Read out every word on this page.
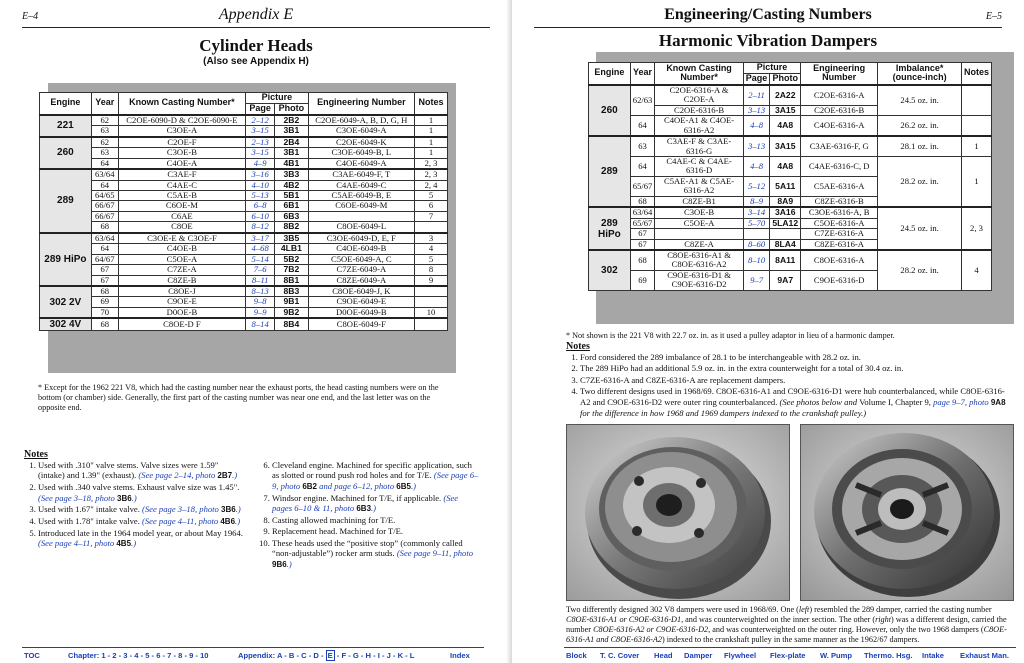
E–4	Appendix E
Cylinder Heads
(Also see Appendix H)
Engine	Year	Known Casting Number*	Picture		Engineering Number	Notes
			Page	Photo		
221	62	C2OE-6090-D & C2OE-6090-E	2–12	2B2	C2OE-6049-A, B, D, G, H	1
	63	C3OE-A	3–15	3B1	C3OE-6049-A	1
260	62	C2OE-F	2–13	2B4	C2OE-6049-K	1
	63	C3OE-B	3–15	3B1	C3OE-6049-B, L	1
	64	C4OE-A	4–9	4B1	C4OE-6049-A	2, 3
289	63/64	C3AE-F	3–16	3B3	C3AE-6049-F, T	2, 3
	64	C4AE-C	4–10	4B2	C4AE-6049-C	2, 4
	64/65	C5AE-B	5–13	5B1	C5AE-6049-B, E	5
	66/67	C6OE-M	6–8	6B1	C6OE-6049-M	6
	66/67	C6AE	6–10	6B3		7
	68	C8OE	8–12	8B2	C8OE-6049-L	
289 HiPo	63/64	C3OE-E & C3OE-F	3–17	3B5	C3OE-6049-D, E, F	3
	64	C4OE-B	4–68	4LB1	C4OE-6049-B	4
	64/67	C5OE-A	5–14	5B2	C5OE-6049-A, C	5
	67	C7ZE-A	7–6	7B2	C7ZE-6049-A	8
	67	C8ZE-B	8–11	8B1	C8ZE-6049-A	9
302 2V	68	C8OE-J	8–13	8B3	C8OE-6049-J, K	
	69	C9OE-E	9–8	9B1	C9OE-6049-E	
	70	D0OE-B	9–9	9B2	D0OE-6049-B	10
302 4V	68	C8OE-D F	8–14	8B4	C8OE-6049-F	
* Except for the 1962 221 V8, which had the casting number near the exhaust ports, the head casting numbers were on the bottom (or chamber) side. Generally, the first part of the casting number was near one end, and the last letter was on the opposite end.
Notes
1. Used with .310" valve stems. Valve sizes were 1.59" (intake) and 1.39" (exhaust). (See page 2–14, photo 2B7.)
2. Used with .340 valve stems. Exhaust valve size was 1.45". (See page 3–18, photo 3B6.)
3. Used with 1.67" intake valve. (See page 3–18, photo 3B6.)
4. Used with 1.78" intake valve. (See page 4–11, photo 4B6.)
5. Introduced late in the 1964 model year, or about May 1964. (See page 4–11, photo 4B5.)
6. Cleveland engine. Machined for specific application, such as slotted or round push rod holes and for T/E. (See page 6–9, photo 6B2 and page 6–12, photo 6B5.)
7. Windsor engine. Machined for T/E, if applicable. (See pages 6–10 & 11, photo 6B3.)
8. Casting allowed machining for T/E.
9. Replacement head. Machined for T/E.
10. These heads used the “positive stop” (commonly called “non-adjustable”) rocker arm studs. (See page 9–11, photo 9B6.)
TOC	Chapter: 1 - 2 - 3 - 4 - 5 - 6 - 7 - 8 - 9 - 10	Appendix: A - B - C - D - E - F - G - H - I - J - K - L	Index
Engineering/Casting Numbers	E–5
Harmonic Vibration Dampers
Engine	Year	Known Casting Number*	Picture		Engineering Number	Imbalance* (ounce-inch)	Notes
			Page	Photo			
260	62/63	C2OE-6316-A & C2OE-A	2–11	2A22	C2OE-6316-A	24.5 oz. in.	
		C2OE-6316-B	3–13	3A15	C2OE-6316-B		
	64	C4OE-A1 & C4OE-6316-A2	4–8	4A8	C4OE-6316-A	26.2 oz. in.	
289	63	C3AE-F & C3AE-6316-G	3–13	3A15	C3AE-6316-F, G	28.1 oz. in.	1
	64	C4AE-C & C4AE-6316-D	4–8	4A8	C4AE-6316-C, D	28.2 oz. in.	1
	65/67	C5AE-A1 & C5AE-6316-A2	5–12	5A11	C5AE-6316-A		
	68	C8ZE-B1	8–9	8A9	C8ZE-6316-B		
289 HiPo	63/64	C3OE-B	3–14	3A16	C3OE-6316-A, B	24.5 oz. in.	2, 3
	65/67	C5OE-A	5–70	5LA12	C5OE-6316-A		
	67				C7ZE-6316-A		
	67	C8ZE-A	8–60	8LA4	C8ZE-6316-A		
302	68	C8OE-6316-A1 & C8OE-6316-A2	8–10	8A11	C8OE-6316-A	28.2 oz. in.	4
	69	C9OE-6316-D1 & C9OE-6316-D2	9–7	9A7	C9OE-6316-D		
* Not shown is the 221 V8 with 22.7 oz. in. as it used a pulley adaptor in lieu of a harmonic damper.
Notes
1. Ford considered the 289 imbalance of 28.1 to be interchangeable with 28.2 oz. in.
2. The 289 HiPo had an additional 5.9 oz. in. in the extra counterweight for a total of 30.4 oz. in.
3. C7ZE-6316-A and C8ZE-6316-A are replacement dampers.
4. Two different designs used in 1968/69. C8OE-6316-A1 and C9OE-6316-D1 were hub counterbalanced, while C8OE-6316-A2 and C9OE-6316-D2 were outer ring counterbalanced. (See photos below and Volume I, Chapter 9, page 9–7, photo 9A8 for the difference in how 1968 and 1969 dampers indexed to the crankshaft pulley.)
Two differently designed 302 V8 dampers were used in 1968/69. One (left) resembled the 289 damper, carried the casting number C8OE-6316-A1 or C9OE-6316-D1, and was counterweighted on the inner section. The other (right) was a different design, carried the number C8OE-6316-A2 or C9OE-6316-D2, and was counterweighted on the outer ring. However, only the two 1968 dampers (C8OE-6316-A1 and C8OE-6316-A2) indexed to the crankshaft pulley in the same manner as the 1962/67 dampers.
Block T. C. Cover Head Damper Flywheel Flex-plate W. Pump Thermo. Hsg. Intake Exhaust Man.
